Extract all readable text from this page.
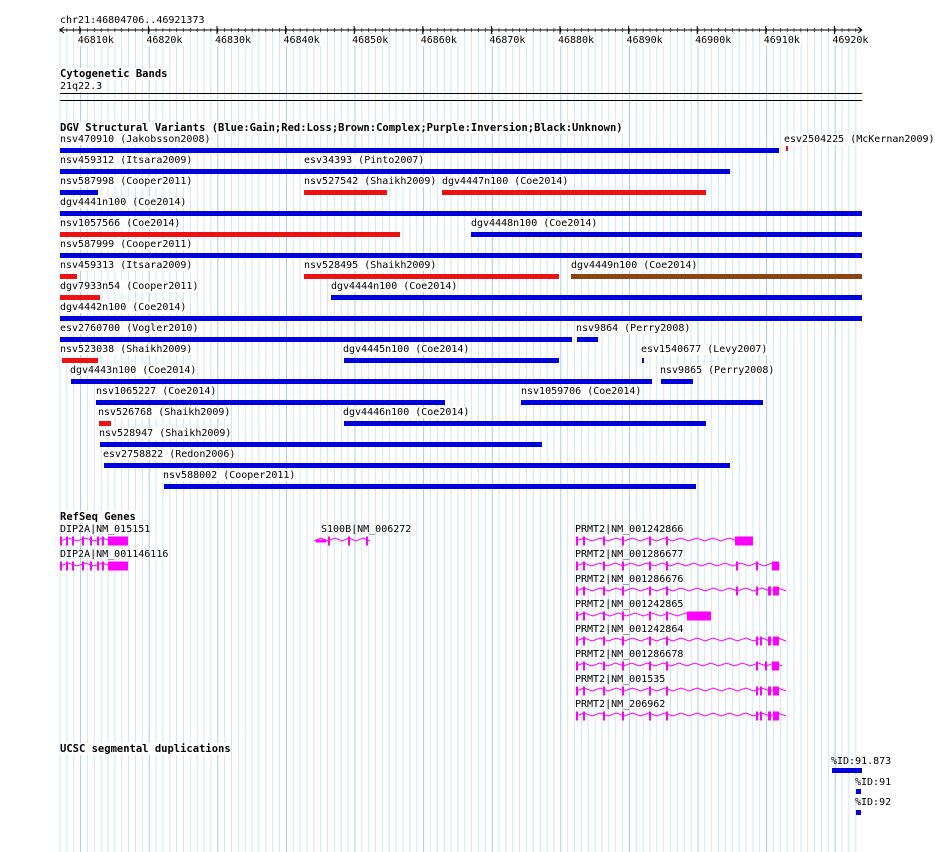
chr21:46804706..46921373
46810k	46820k	46830k	46840k	46850k	46860k	46870k	46880k	46890k	46900k	46910k	46920k
Cytogenetic Bands
21q22.3
DGV Structural Variants (Blue:Gain;Red:Loss;Brown:Complex;Purple:Inversion;Black:Unknown)
nsv470910 (Jakobsson2008)	esv2504225 (McKernan2009)
nsv459312 (Itsara2009)	esv34393 (Pinto2007)
nsv587998 (Cooper2011)	nsv527542 (Shaikh2009) dgv4447n100 (Coe2014)
dgv4441n100 (Coe2014)
nsv1057566 (Coe2014)	dgv4448n100 (Coe2014)
nsv587999 (Cooper2011)
nsv459313 (Itsara2009)	nsv528495 (Shaikh2009)	dgv4449n100 (Coe2014)
dgv7933n54 (Cooper2011)	dgv4444n100 (Coe2014)
dgv4442n100 (Coe2014)
esv2760700 (Vogler2010)	nsv9864 (Perry2008)
nsv523038 (Shaikh2009)	dgv4445n100 (Coe2014)	esv1540677 (Levy2007)
dgv4443n100 (Coe2014)	nsv9865 (Perry2008)
nsv1065227 (Coe2014)	nsv1059706 (Coe2014)
nsv526768 (Shaikh2009)	dgv4446n100 (Coe2014)
nsv528947 (Shaikh2009)
esv2758822 (Redon2006)
nsv588002 (Cooper2011)
RefSeq Genes
DIP2A|NM_015151
DIP2A|NM_001146116
S100B|NM_006272	PRMT2|NM_001242866
PRMT2|NM_001286677
PRMT2|NM_001286676
PRMT2|NM_001242865
PRMT2|NM_001242864
PRMT2|NM_001286678
PRMT2|NM_001535
PRMT2|NM_206962
UCSC segmental duplications
%ID:91.873
%ID:91
%ID:92
